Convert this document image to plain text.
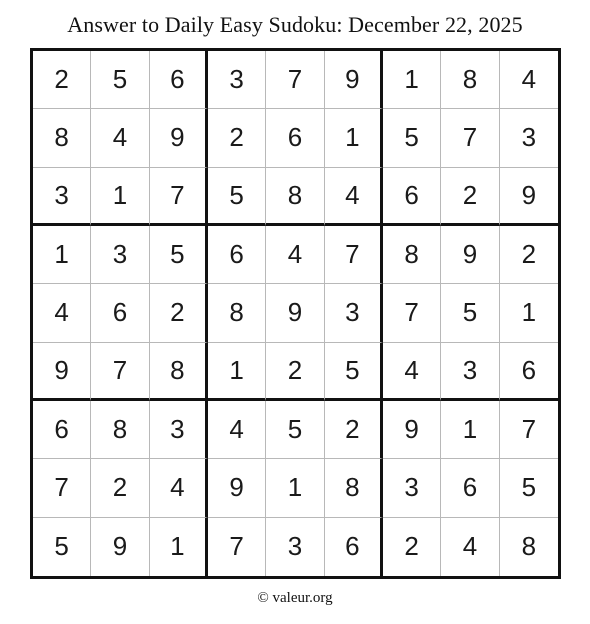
Answer to Daily Easy Sudoku: December 22, 2025
2	5	6	3	7	9	1	8	4
8	4	9	2	6	1	5	7	3
3	1	7	5	8	4	6	2	9
1	3	5	6	4	7	8	9	2
4	6	2	8	9	3	7	5	1
9	7	8	1	2	5	4	3	6
6	8	3	4	5	2	9	1	7
7	2	4	9	1	8	3	6	5
5	9	1	7	3	6	2	4	8
© valeur.org
